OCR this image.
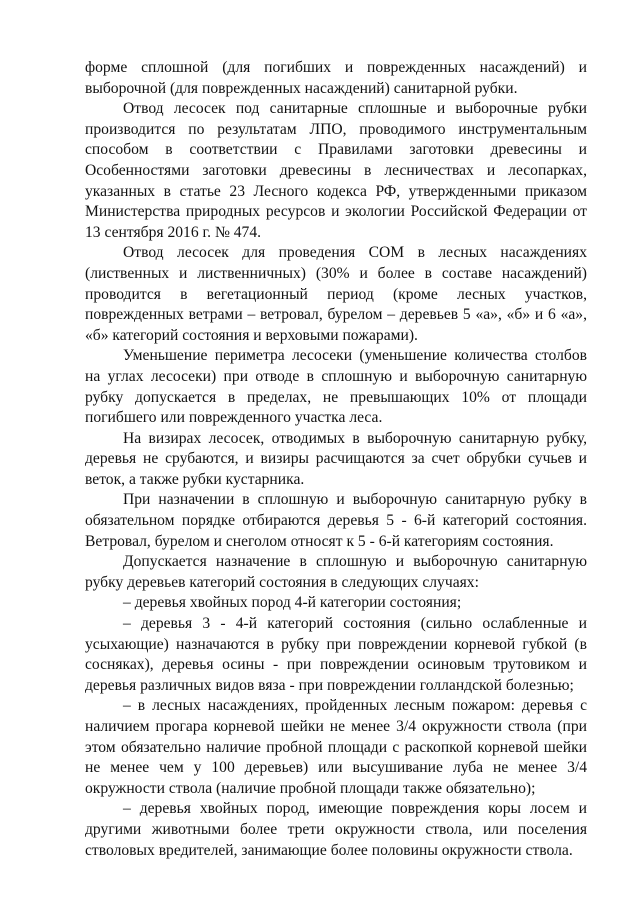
форме сплошной (для погибших и поврежденных насаждений) и выборочной (для поврежденных насаждений) санитарной рубки.

Отвод лесосек под санитарные сплошные и выборочные рубки производится по результатам ЛПО, проводимого инструментальным способом в соответствии с Правилами заготовки древесины и Особенностями заготовки древесины в лесничествах и лесопарках, указанных в статье 23 Лесного кодекса РФ, утвержденными приказом Министерства природных ресурсов и экологии Российской Федерации от 13 сентября 2016 г. № 474.

Отвод лесосек для проведения СОМ в лесных насаждениях (лиственных и лиственничных) (30% и более в составе насаждений) проводится в вегетационный период (кроме лесных участков, поврежденных ветрами – ветровал, бурелом – деревьев 5 «а», «б» и 6 «а», «б» категорий состояния и верховыми пожарами).

Уменьшение периметра лесосеки (уменьшение количества столбов на углах лесосеки) при отводе в сплошную и выборочную санитарную рубку допускается в пределах, не превышающих 10% от площади погибшего или поврежденного участка леса.

На визирах лесосек, отводимых в выборочную санитарную рубку, деревья не срубаются, и визиры расчищаются за счет обрубки сучьев и веток, а также рубки кустарника.

При назначении в сплошную и выборочную санитарную рубку в обязательном порядке отбираются деревья 5 - 6-й категорий состояния. Ветровал, бурелом и снеголом относят к 5 - 6-й категориям состояния.

Допускается назначение в сплошную и выборочную санитарную рубку деревьев категорий состояния в следующих случаях:

– деревья хвойных пород 4-й категории состояния;

– деревья 3 - 4-й категорий состояния (сильно ослабленные и усыхающие) назначаются в рубку при повреждении корневой губкой (в сосняках), деревья осины - при повреждении осиновым трутовиком и деревья различных видов вяза - при повреждении голландской болезнью;

– в лесных насаждениях, пройденных лесным пожаром: деревья с наличием прогара корневой шейки не менее 3/4 окружности ствола (при этом обязательно наличие пробной площади с раскопкой корневой шейки не менее чем у 100 деревьев) или высушивание луба не менее 3/4 окружности ствола (наличие пробной площади также обязательно);

– деревья хвойных пород, имеющие повреждения коры лосем и другими животными более трети окружности ствола, или поселения стволовых вредителей, занимающие более половины окружности ствола.
